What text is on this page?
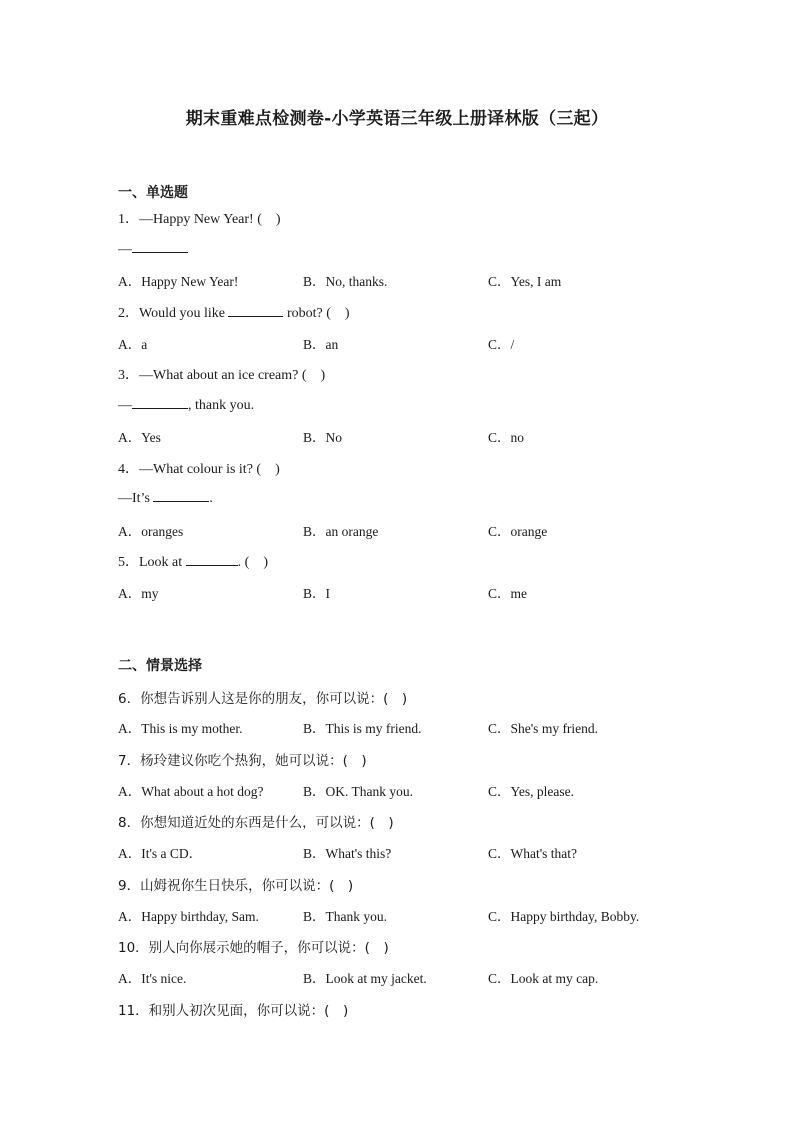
期末重难点检测卷-小学英语三年级上册译林版（三起）
一、单选题
1．—Happy New Year! (　)
—
A．Happy New Year!	B．No, thanks.	C．Yes, I am
2．Would you like	robot? (　)
A．a	B．an	C．/
3．—What about an ice cream? (　)
—	, thank you.
A．Yes	B．No	C．no
4．—What colour is it? (　)
—It’s	.
A．oranges	B．an orange	C．orange
5．Look at	. (　)
A．my	B．I	C．me
二、情景选择
6．你想告诉别人这是你的朋友，你可以说：(　)
A．This is my mother.	B．This is my friend.	C．She's my friend.
7．杨玲建议你吃个热狗，她可以说：(　)
A．What about a hot dog?	B．OK. Thank you.	C．Yes, please.
8．你想知道近处的东西是什么，可以说：(　)
A．It's a CD．	B．What's this?	C．What's that?
9．山姆祝你生日快乐，你可以说：(　)
A．Happy birthday, Sam.	B．Thank you.	C．Happy birthday, Bobby.
10．别人向你展示她的帽子，你可以说：(　)
A．It's nice.	B．Look at my jacket.	C．Look at my cap.
11．和别人初次见面，你可以说：(　)
